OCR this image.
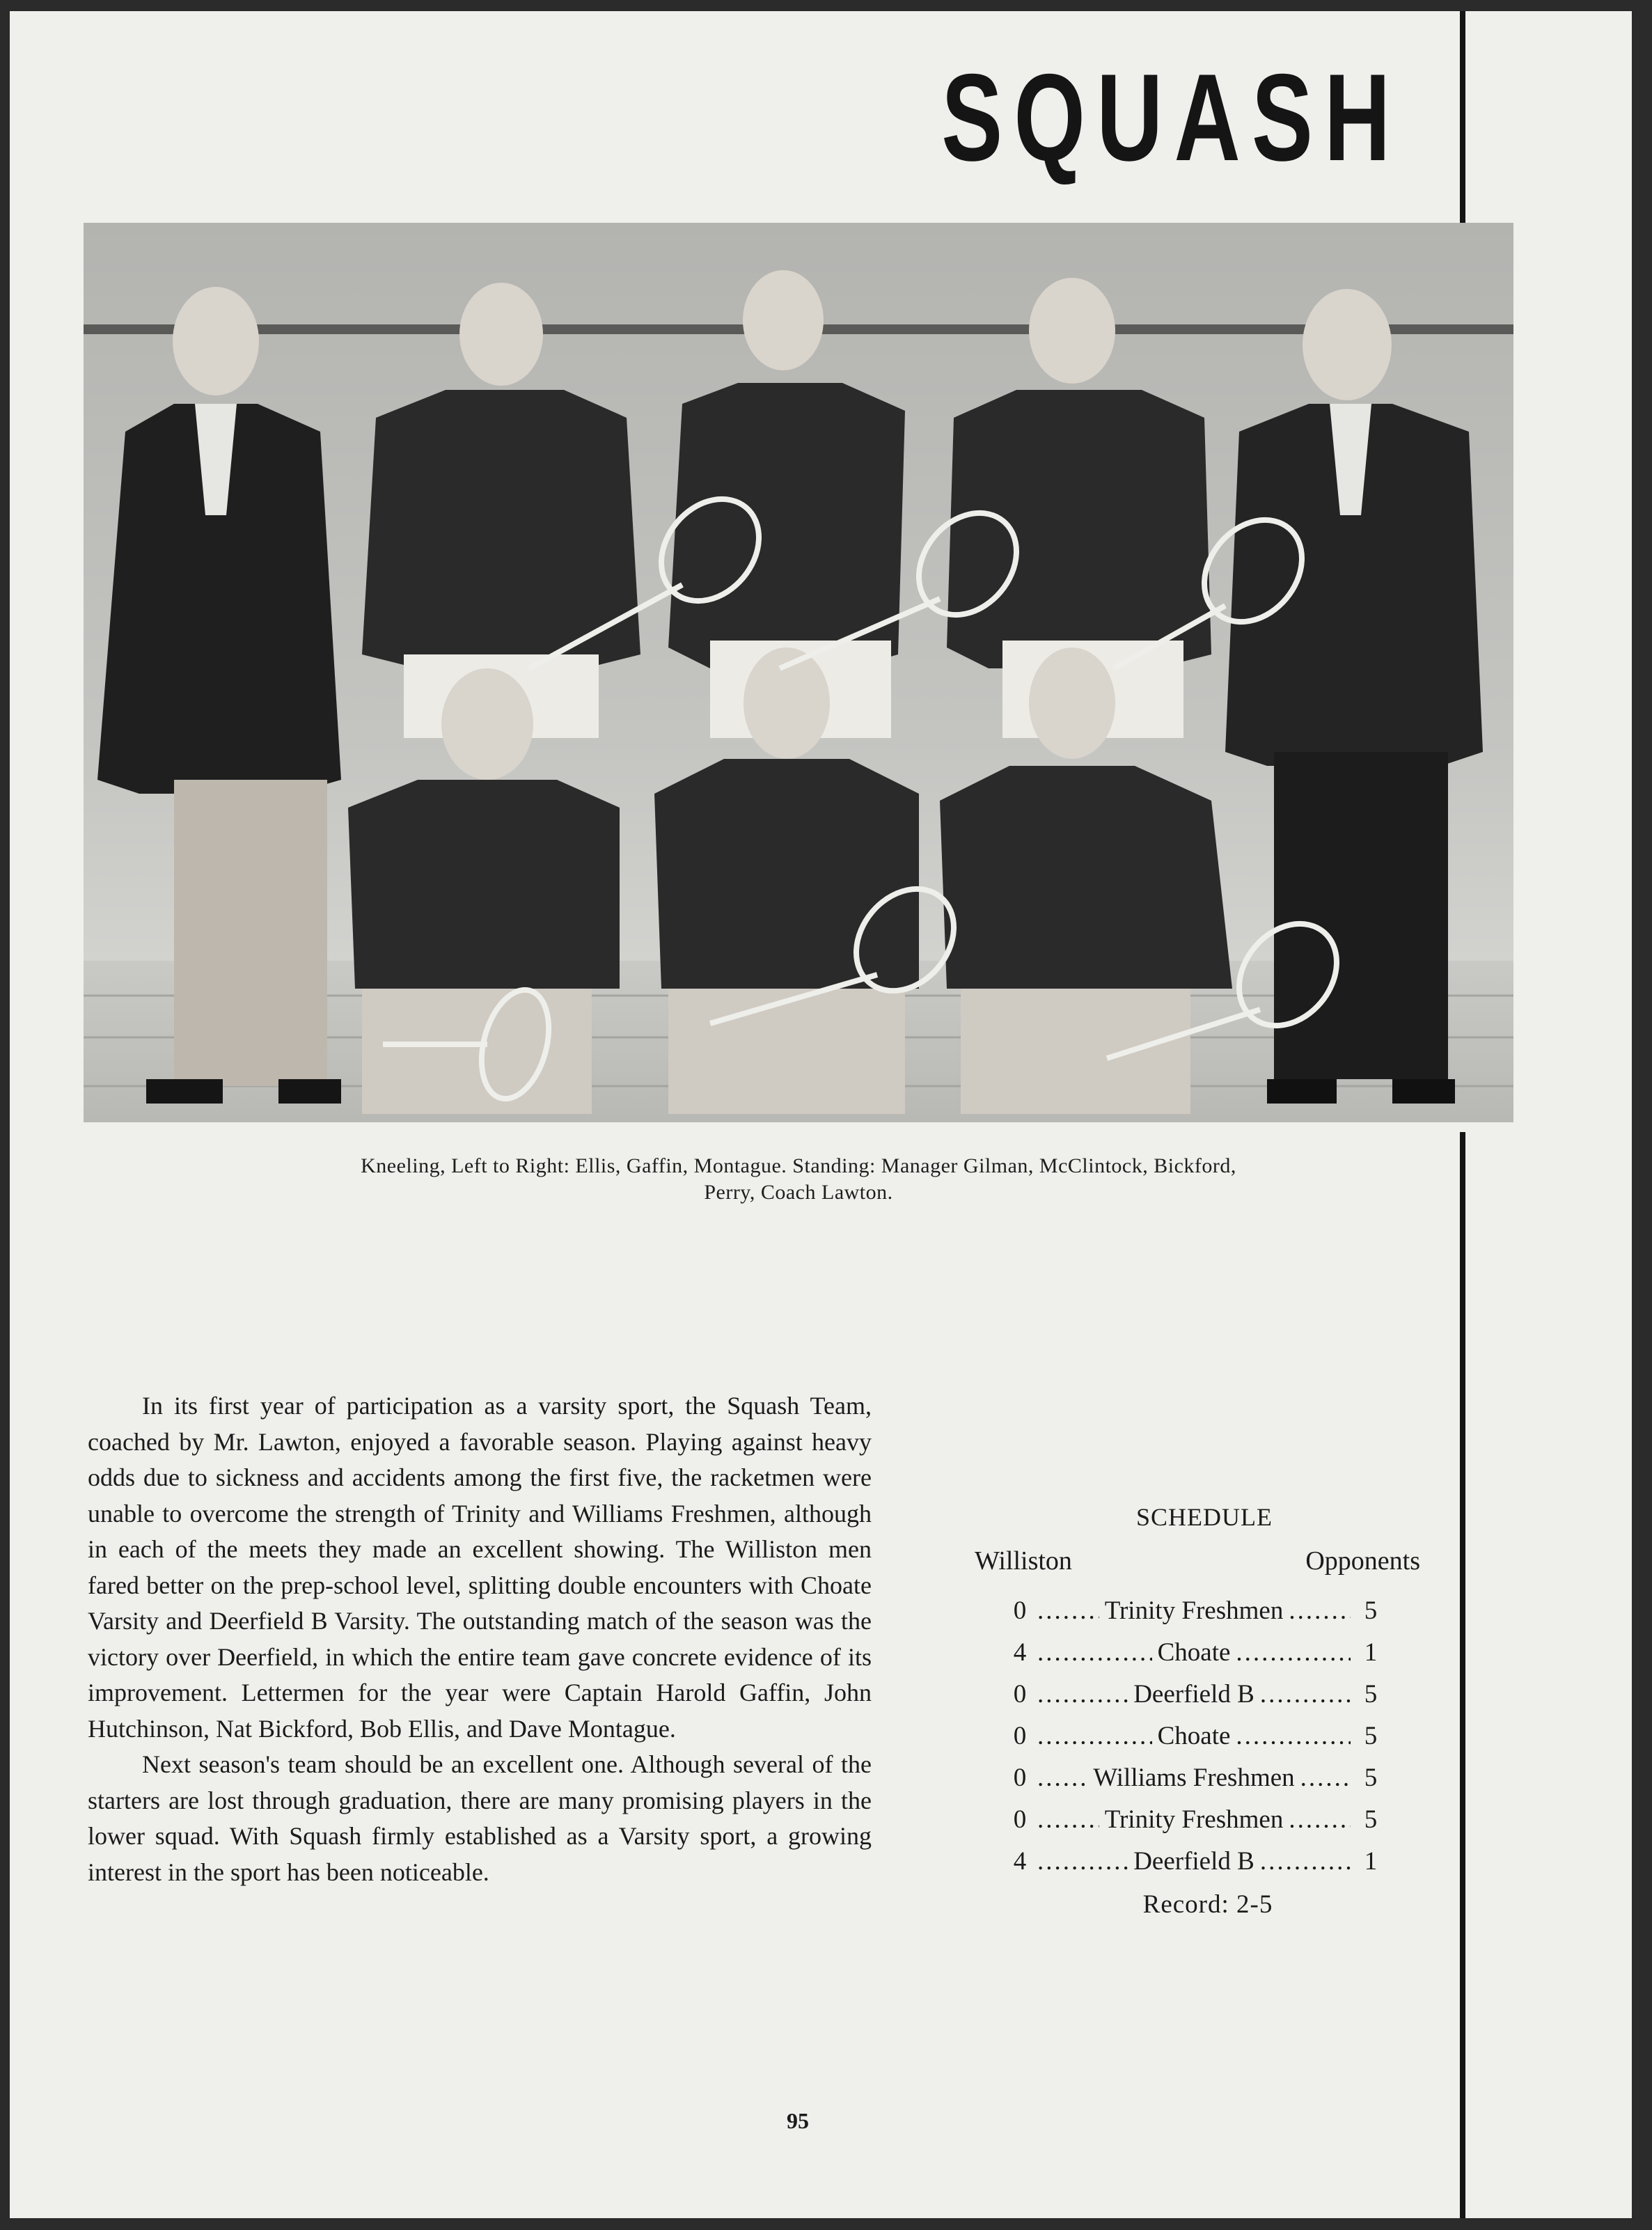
SQUASH
Kneeling, Left to Right: Ellis, Gaffin, Montague. Standing: Manager Gilman, McClintock, Bickford,
Perry, Coach Lawton.

In its first year of participation as a varsity sport, the Squash Team, coached by Mr. Lawton, enjoyed a favorable season. Playing against heavy odds due to sickness and accidents among the first five, the racketmen were unable to overcome the strength of Trinity and Williams Freshmen, although in each of the meets they made an excellent showing. The Williston men fared better on the prep-school level, splitting double encounters with Choate Varsity and Deerfield B Varsity. The outstanding match of the season was the victory over Deerfield, in which the entire team gave concrete evidence of its improvement. Lettermen for the year were Captain Harold Gaffin, John Hutchinson, Nat Bickford, Bob Ellis, and Dave Montague.

Next season's team should be an excellent one. Although several of the starters are lost through graduation, there are many promising players in the lower squad. With Squash firmly established as a Varsity sport, a growing interest in the sport has been noticeable.

SCHEDULE
Williston	Opponents
0 .....	Trinity Freshmen .....	5
4 .....	Choate .....	1
0 .....	Deerfield B .....	5
0 .....	Choate .....	5
0 .....	Williams Freshmen .....	5
0 .....	Trinity Freshmen .....	5
4 .....	Deerfield B .....	1
Record: 2-5
95
